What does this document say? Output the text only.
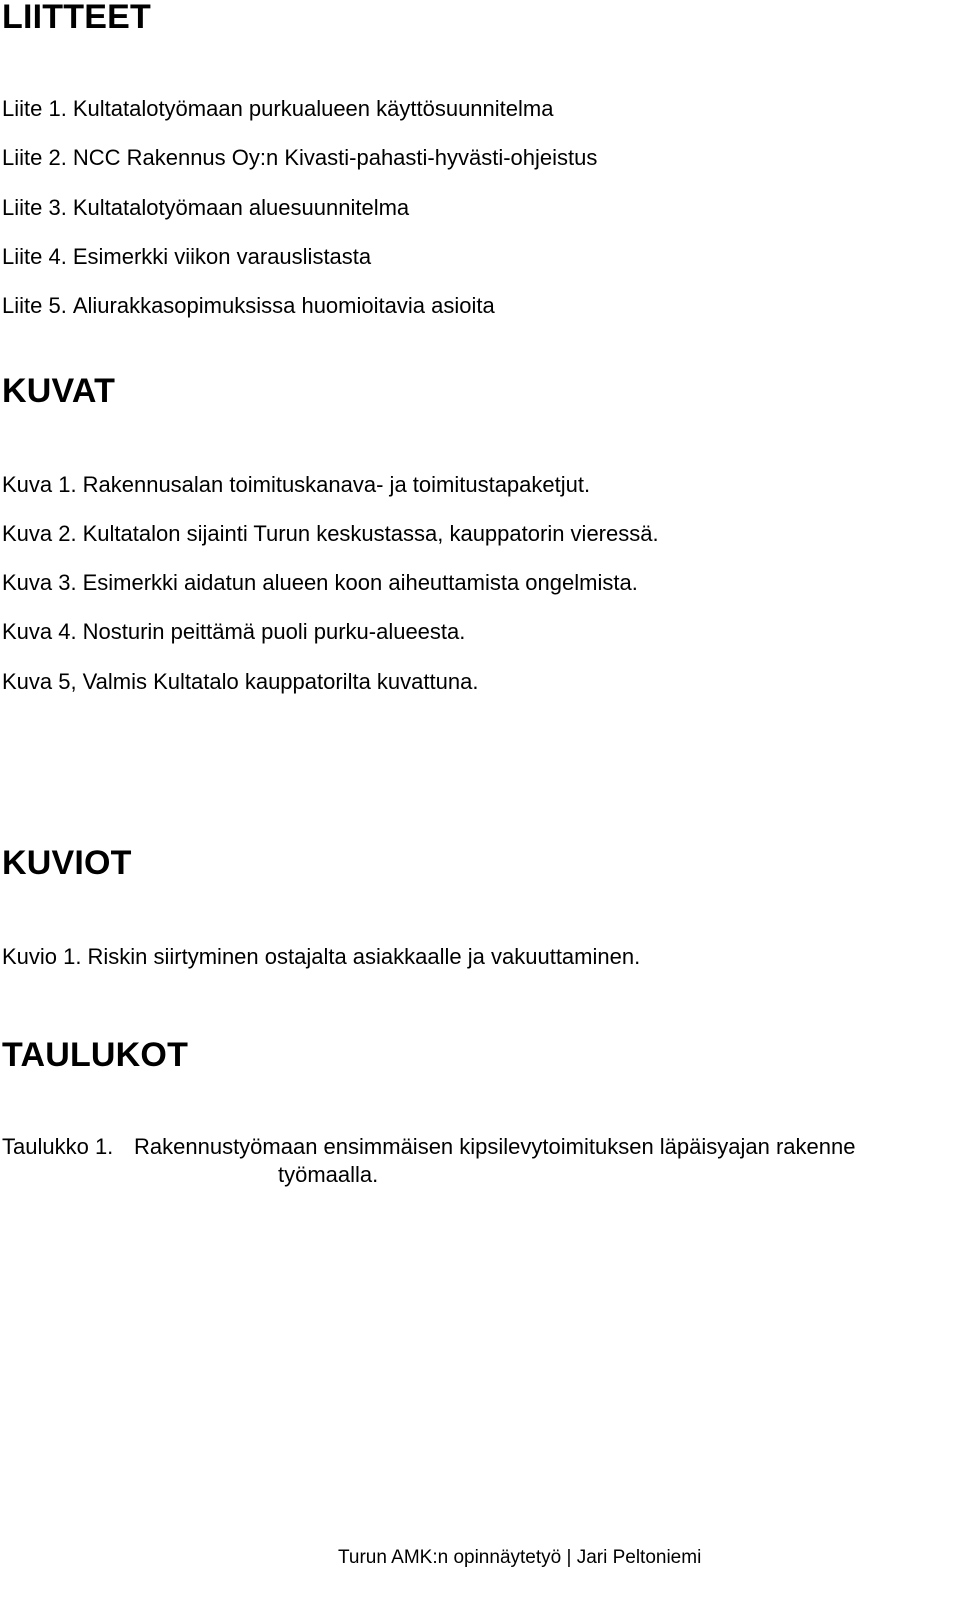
LIITTEET

Liite 1. Kultatalotyömaan purkualueen käyttösuunnitelma

Liite 2. NCC Rakennus Oy:n Kivasti-pahasti-hyvästi-ohjeistus

Liite 3. Kultatalotyömaan aluesuunnitelma

Liite 4. Esimerkki viikon varauslistasta

Liite 5. Aliurakkasopimuksissa huomioitavia asioita

KUVAT

Kuva 1. Rakennusalan toimituskanava- ja toimitustapaketjut.

Kuva 2. Kultatalon sijainti Turun keskustassa, kauppatorin vieressä.

Kuva 3. Esimerkki aidatun alueen koon aiheuttamista ongelmista.

Kuva 4. Nosturin peittämä puoli purku-alueesta.

Kuva 5, Valmis Kultatalo kauppatorilta kuvattuna.

KUVIOT

Kuvio 1. Riskin siirtyminen ostajalta asiakkaalle ja vakuuttaminen.

TAULUKOT
Taulukko 1. Rakennustyömaan ensimmäisen kipsilevytoimituksen läpäisyajan rakenne
työmaalla.
Turun AMK:n opinnäytetyö | Jari Peltoniemi
